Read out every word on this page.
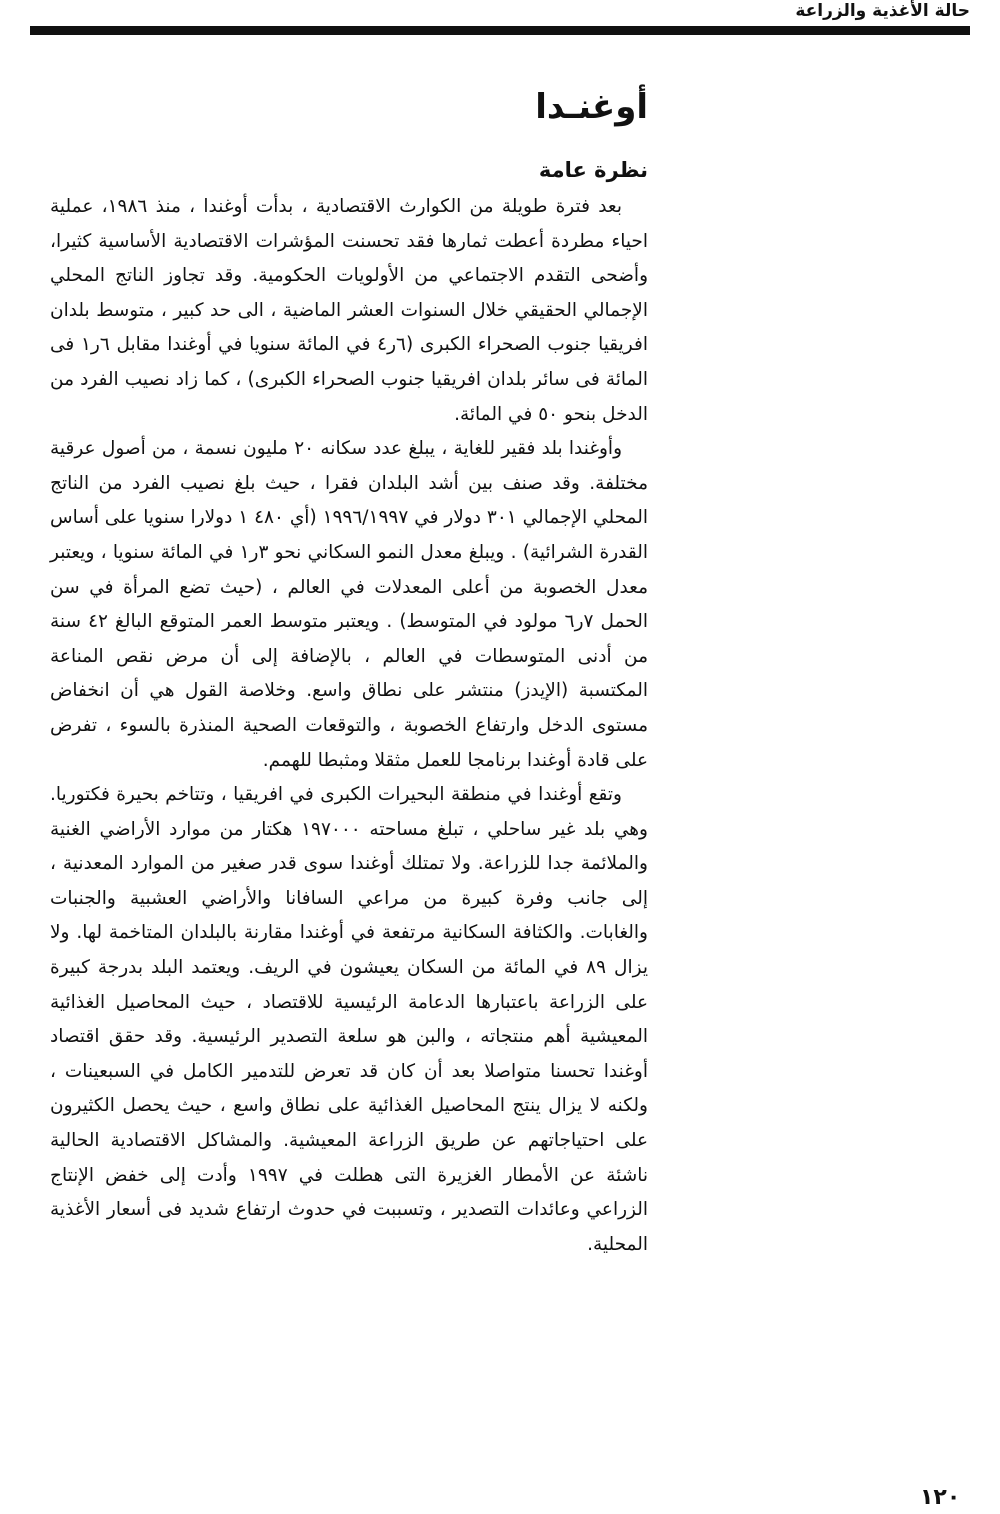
حالة الأغذية والزراعة
أوغنـدا
نظرة عامة

بعد فترة طويلة من الكوارث الاقتصادية ، بدأت أوغندا ، منذ ١٩٨٦، عملية احياء مطردة أعطت ثمارها فقد تحسنت المؤشرات الاقتصادية الأساسية كثيرا، وأضحى التقدم الاجتماعي من الأولويات الحكومية. وقد تجاوز الناتج المحلي الإجمالي الحقيقي خلال السنوات العشر الماضية ، الى حد كبير ، متوسط بلدان افريقيا جنوب الصحراء الكبرى (٦ر٤ في المائة سنويا في أوغندا مقابل ٦ر١ فى المائة فى سائر بلدان افريقيا جنوب الصحراء الكبرى) ، كما زاد نصيب الفرد من الدخل بنحو ٥٠ في المائة.

وأوغندا بلد فقير للغاية ، يبلغ عدد سكانه ٢٠ مليون نسمة ، من أصول عرقية مختلفة. وقد صنف بين أشد البلدان فقرا ، حيث بلغ نصيب الفرد من الناتج المحلي الإجمالي ٣٠١ دولار في ١٩٩٦/١٩٩٧ (أي ٤٨٠ ١ دولارا سنويا على أساس القدرة الشرائية) . ويبلغ معدل النمو السكاني نحو ٣ر١ في المائة سنويا ، ويعتبر معدل الخصوبة من أعلى المعدلات في العالم ، (حيث تضع المرأة في سن الحمل ٧ر٦ مولود في المتوسط) . ويعتبر متوسط العمر المتوقع البالغ ٤٢ سنة من أدنى المتوسطات في العالم ، بالإضافة إلى أن مرض نقص المناعة المكتسبة (الإيدز) منتشر على نطاق واسع. وخلاصة القول هي أن انخفاض مستوى الدخل وارتفاع الخصوبة ، والتوقعات الصحية المنذرة بالسوء ، تفرض على قادة أوغندا برنامجا للعمل مثقلا ومثبطا للهمم.

وتقع أوغندا في منطقة البحيرات الكبرى في افريقيا ، وتتاخم بحيرة فكتوريا. وهي بلد غير ساحلي ، تبلغ مساحته ١٩٧٠٠٠ هكتار من موارد الأراضي الغنية والملائمة جدا للزراعة. ولا تمتلك أوغندا سوى قدر صغير من الموارد المعدنية ، إلى جانب وفرة كبيرة من مراعي السافانا والأراضي العشبية والجنبات والغابات. والكثافة السكانية مرتفعة في أوغندا مقارنة بالبلدان المتاخمة لها. ولا يزال ٨٩ في المائة من السكان يعيشون في الريف. ويعتمد البلد بدرجة كبيرة على الزراعة باعتبارها الدعامة الرئيسية للاقتصاد ، حيث المحاصيل الغذائية المعيشية أهم منتجاته ، والبن هو سلعة التصدير الرئيسية. وقد حقق اقتصاد أوغندا تحسنا متواصلا بعد أن كان قد تعرض للتدمير الكامل في السبعينات ، ولكنه لا يزال ينتج المحاصيل الغذائية على نطاق واسع ، حيث يحصل الكثيرون على احتياجاتهم عن طريق الزراعة المعيشية. والمشاكل الاقتصادية الحالية ناشئة عن الأمطار الغزيرة التى هطلت في ١٩٩٧ وأدت إلى خفض الإنتاج الزراعي وعائدات التصدير ، وتسببت في حدوث ارتفاع شديد فى أسعار الأغذية المحلية.

١٢٠
